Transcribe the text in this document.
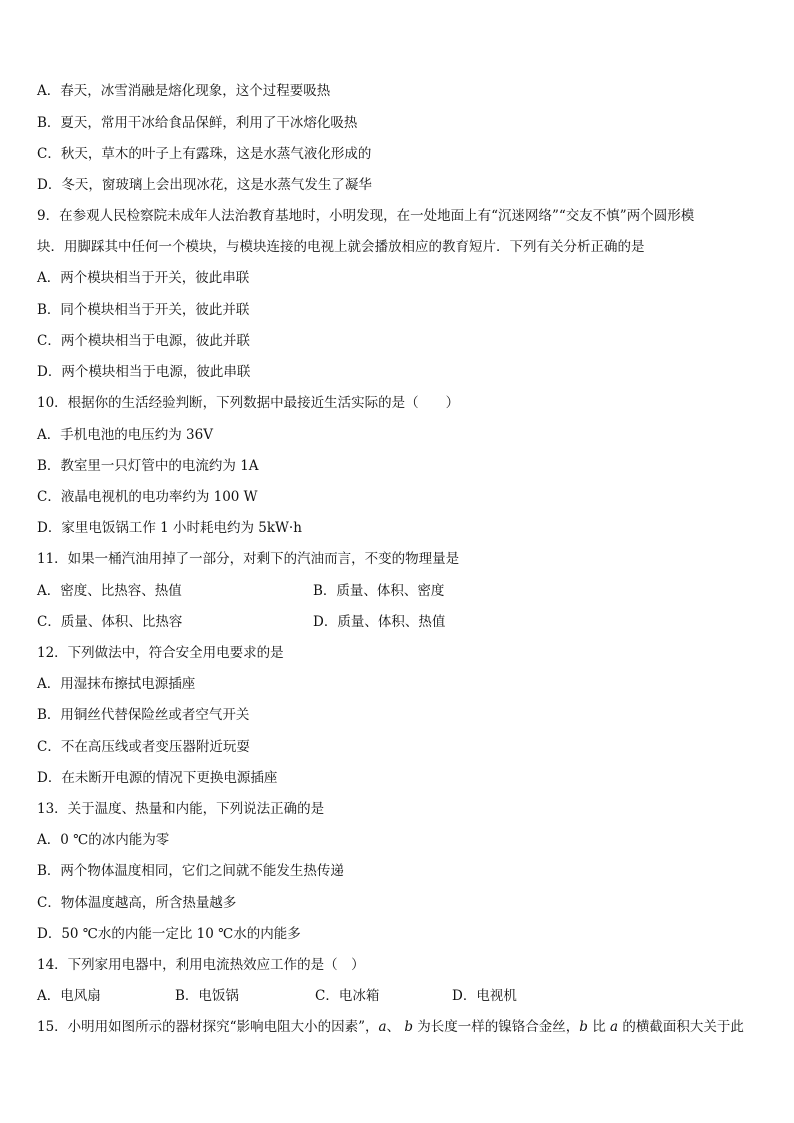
A．春天，冰雪消融是熔化现象，这个过程要吸热
B．夏天，常用干冰给食品保鲜，利用了干冰熔化吸热
C．秋天，草木的叶子上有露珠，这是水蒸气液化形成的
D．冬天，窗玻璃上会出现冰花，这是水蒸气发生了凝华
9．在参观人民检察院未成年人法治教育基地时，小明发现，在一处地面上有“沉迷网络”“交友不慎”两个圆形模
块．用脚踩其中任何一个模块，与模块连接的电视上就会播放相应的教育短片．下列有关分析正确的是
A．两个模块相当于开关，彼此串联
B．同个模块相当于开关，彼此并联
C．两个模块相当于电源，彼此并联
D．两个模块相当于电源，彼此串联
10．根据你的生活经验判断，下列数据中最接近生活实际的是（　　）
A．手机电池的电压约为 36V
B．教室里一只灯管中的电流约为 1A
C．液晶电视机的电功率约为 100 W
D．家里电饭锅工作 1 小时耗电约为 5kW·h
11．如果一桶汽油用掉了一部分，对剩下的汽油而言，不变的物理量是
A．密度、比热容、热值	B．质量、体积、密度
C．质量、体积、比热容	D．质量、体积、热值
12．下列做法中，符合安全用电要求的是
A．用湿抹布擦拭电源插座
B．用铜丝代替保险丝或者空气开关
C．不在高压线或者变压器附近玩耍
D．在未断开电源的情况下更换电源插座
13．关于温度、热量和内能，下列说法正确的是
A．0 ℃的冰内能为零
B．两个物体温度相同，它们之间就不能发生热传递
C．物体温度越高，所含热量越多
D．50 ℃水的内能一定比 10 ℃水的内能多
14．下列家用电器中，利用电流热效应工作的是（　）
A．电风扇	B．电饭锅	C．电冰箱	D．电视机
15．小明用如图所示的器材探究“影响电阻大小的因素”，a、 b 为长度一样的镍铬合金丝，b 比 a 的横截面积大关于此
